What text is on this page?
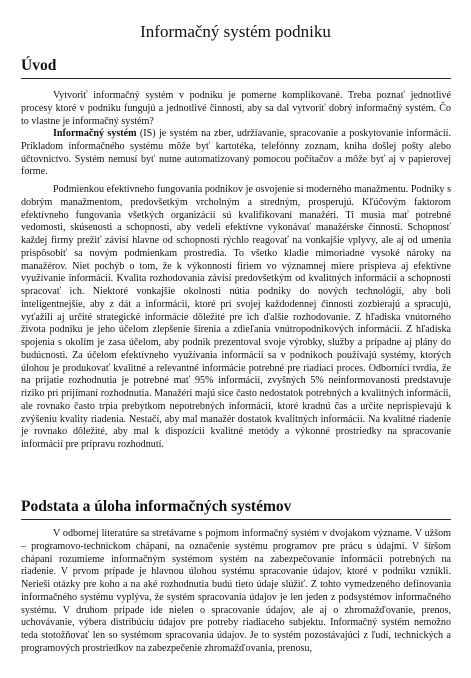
Informačný systém podniku
Úvod

Vytvoriť informačný systém v podniku je pomerne komplikované. Treba poznať jednotlivé procesy ktoré v podniku fungujú a jednotlivé činnosti, aby sa dal vytvoriť dobrý informačný systém. Čo to vlastne je informačný systém?

Informačný systém (IS) je systém na zber, udržiavanie, spracovanie a poskytovanie informácií. Príkladom informačného systému môže byť kartotéka, telefónny zoznam, kniha došlej pošty alebo účtovníctvo. Systém nemusí byť nutne automatizovaný pomocou počítačov a môže byť aj v papierovej forme.

Podmienkou efektívneho fungovania podnikov je osvojenie si moderného manažmentu. Podniky s dobrým manažmentom, predovšetkým vrcholným a stredným, prosperujú. Kľúčovým faktorom efektívneho fungovania všetkých organizácií sú kvalifikovaní manažéri. Ti musia mať potrebné vedomosti, skúsenosti a schopnosti, aby vedeli efektívne vykonávať manažérske činnosti. Schopnosť každej firmy prežiť závisí hlavne od schopnosti rýchlo reagovať na vonkajšie vplyvy, ale aj od umenia prispôsobiť sa novým podmienkam prostredia. To všetko kladie mimoriadne vysoké nároky na manažérov. Niet pochýb o tom, že k výkonnosti firiem vo významnej miere prispieva aj efektívne využívanie informácií. Kvalita rozhodovania závisí predovšetkým od kvalitných informácií a schopnosti spracovať ich. Niektoré vonkajšie okolnosti nútia podniky do nových technológií, aby boli inteligentnejšie, aby z dát a informácií, ktoré pri svojej každodennej činnosti zozbierajú a spracujú, vyťažili aj určité strategické informácie dôležité pre ich ďalšie rozhodovanie. Z hľadiska vnútorného života podniku je jeho účelom zlepšenie šírenia a zdieľania vnútropodnikových informácií. Z hľadiska spojenia s okolím je zasa účelom, aby podnik prezentoval svoje výrobky, služby a prípadne aj plány do budúcnosti. Za účelom efektívneho využívania informácií sa v podnikoch používajú systémy, ktorých úlohou je produkovať kvalitné a relevantné informácie potrebné pre riadiaci proces. Odborníci tvrdia, že na prijatie rozhodnutia je potrebné mať 95% informácií, zvyšných 5% neinformovanosti predstavuje riziko pri prijímaní rozhodnutia. Manažéri majú sice často nedostatok potrebných a kvalitných informácií, ale rovnako často trpia prebytkom nepotrebných informácií, ktoré kradnú čas a určite neprispievajú k zvýšeniu kvality riadenia. Nestačí, aby mal manažér dostatok kvalitných informácií. Na kvalitné riadenie je rovnako dôležité, aby mal k dispozícii kvalitné metódy a výkonné prostriedky na spracovanie informácií pre prípravu rozhodnutí.

Podstata a úloha informačných systémov

V odbornej literatúre sa stretávame s pojmom informačný systém v dvojakom význame. V užšom – programovo-technickom chápaní, na označenie systému programov pre prácu s údajmi. V širšom chápaní rozumieme informačným systémom systém na zabezpečovanie informácií potrebných na riadenie. V prvom prípade je hlavnou úlohou systému spracovanie údajov, ktoré v podniku vznikli. Nerieši otázky pre koho a na aké rozhodnutia budú tieto údaje slúžiť. Z tohto vymedzeného definovania informačného systému vyplýva, že systém spracovania údajov je len jeden z podsystémov informačného systému. V druhom prípade ide nielen o spracovanie údajov, ale aj o zhromažďovanie, prenos, uchovávanie, výbera distribúciu údajov pre potreby riadiaceho subjektu. Informačný systém nemožno teda stotožňovať len so systémom spracovania údajov. Je to systém pozostávajúci z ľudí, technických a programových prostriedkov na zabezpečenie zhromažďovania, prenosu,
